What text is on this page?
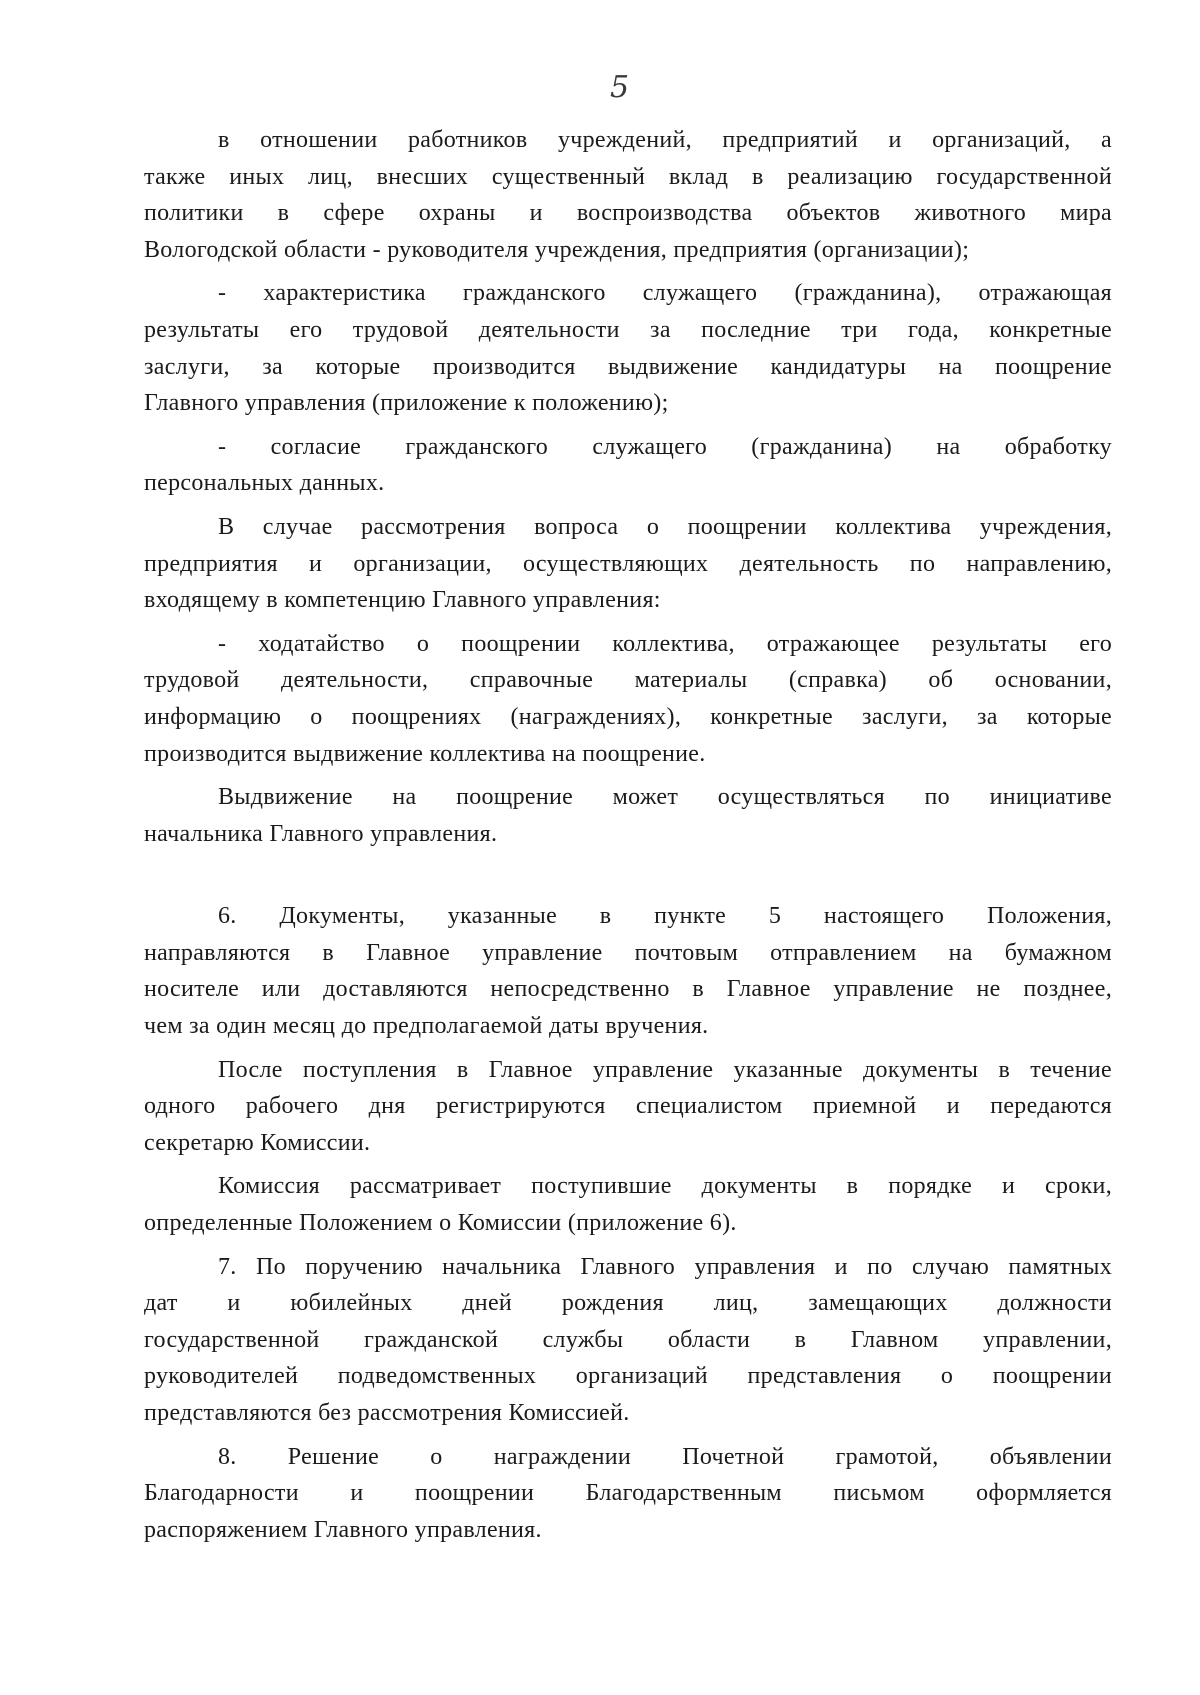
5
в отношении работников учреждений, предприятий и организаций, а
также иных лиц, внесших существенный вклад в реализацию государственной
политики в сфере охраны и воспроизводства объектов животного мира
Вологодской области - руководителя учреждения, предприятия (организации);
- характеристика гражданского служащего (гражданина), отражающая
результаты его трудовой деятельности за последние три года, конкретные
заслуги, за которые производится выдвижение кандидатуры на поощрение
Главного управления (приложение к положению);
- согласие гражданского служащего (гражданина) на обработку
персональных данных.
В случае рассмотрения вопроса о поощрении коллектива учреждения,
предприятия и организации, осуществляющих деятельность по направлению,
входящему в компетенцию Главного управления:
- ходатайство о поощрении коллектива, отражающее результаты его
трудовой деятельности, справочные материалы (справка) об основании,
информацию о поощрениях (награждениях), конкретные заслуги, за которые
производится выдвижение коллектива на поощрение.
Выдвижение на поощрение может осуществляться по инициативе
начальника Главного управления.
6. Документы, указанные в пункте 5 настоящего Положения,
направляются в Главное управление почтовым отправлением на бумажном
носителе или доставляются непосредственно в Главное управление не позднее,
чем за один месяц до предполагаемой даты вручения.
После поступления в Главное управление указанные документы в течение
одного рабочего дня регистрируются специалистом приемной и передаются
секретарю Комиссии.
Комиссия рассматривает поступившие документы в порядке и сроки,
определенные Положением о Комиссии (приложение 6).
7. По поручению начальника Главного управления и по случаю памятных
дат и юбилейных дней рождения лиц, замещающих должности
государственной гражданской службы области в Главном управлении,
руководителей подведомственных организаций представления о поощрении
представляются без рассмотрения Комиссией.
8. Решение о награждении Почетной грамотой, объявлении
Благодарности и поощрении Благодарственным письмом оформляется
распоряжением Главного управления.
